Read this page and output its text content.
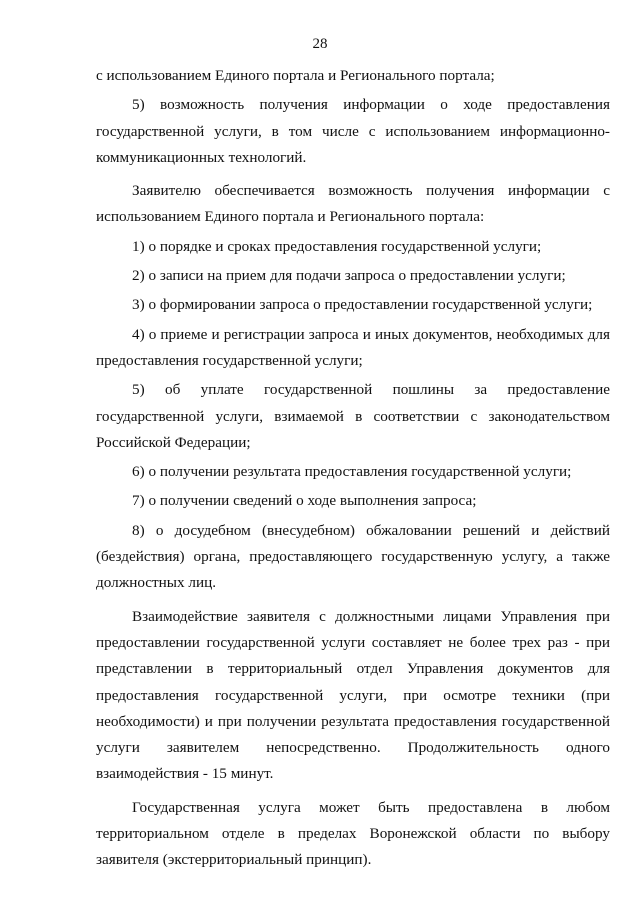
28

с использованием Единого портала и Регионального портала;

5) возможность получения информации о ходе предоставления государственной услуги, в том числе с использованием информационно-коммуникационных технологий.

Заявителю обеспечивается возможность получения информации с использованием Единого портала и Регионального портала:

1) о порядке и сроках предоставления государственной услуги;

2) о записи на прием для подачи запроса о предоставлении услуги;

3) о формировании запроса о предоставлении государственной услуги;

4) о приеме и регистрации запроса и иных документов, необходимых для предоставления государственной услуги;

5) об уплате государственной пошлины за предоставление государственной услуги, взимаемой в соответствии с законодательством Российской Федерации;

6) о получении результата предоставления государственной услуги;

7) о получении сведений о ходе выполнения запроса;

8) о досудебном (внесудебном) обжаловании решений и действий (бездействия) органа, предоставляющего государственную услугу, а также должностных лиц.

Взаимодействие заявителя с должностными лицами Управления при предоставлении государственной услуги составляет не более трех раз - при представлении в территориальный отдел Управления документов для предоставления государственной услуги, при осмотре техники (при необходимости) и при получении результата предоставления государственной услуги заявителем непосредственно. Продолжительность одного взаимодействия - 15 минут.

Государственная услуга может быть предоставлена в любом территориальном отделе в пределах Воронежской области по выбору заявителя (экстерриториальный принцип).
